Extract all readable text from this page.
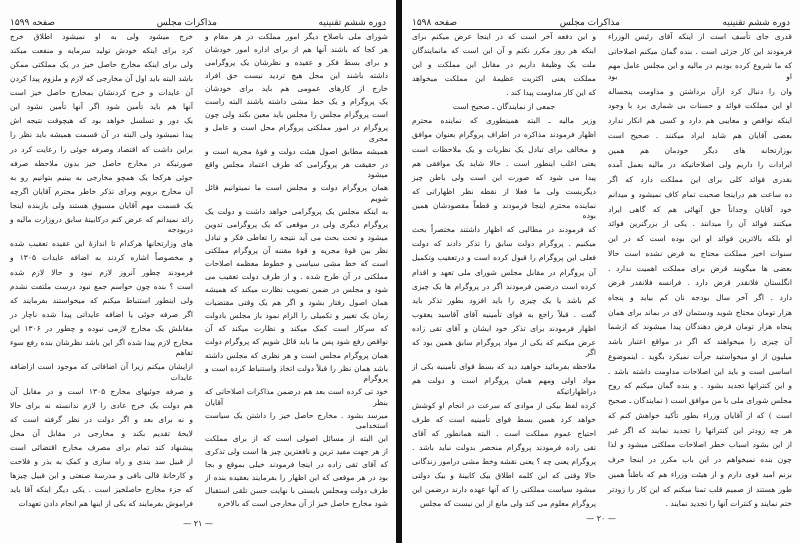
دوره ششم تقنینیه
مذاکرات مجلس
صفحه ۱۵۹۹
شورای ملی باصلاح دیگر امور مملکت در هر مقام و
هر کجا که باشند آنها هم از برای اداره امور خودشان
و برای بسط فکر و عقیده و نظرشان یک پروگرامی
داشته باشند این محل هیچ تردید نیست حق افراد
خارج از کارهای عمومی هم باید برای خودشان
یک پروگرام و یک خط مشی داشته باشند البته راست
است پروگرام مجلس را مجلس باید معین بکند ولی چون
پروگرام در امور مملکتی پروگرام محل است و عامل و مجری
همیشه مطابق اصول هیئت دولت و قوهٔ مجریه است و
در حقیقت هر پروگرامی که طرف اعتماد مجلس واقع میشود
همان پروگرام دولت و مجلس است ما نمیتوانیم قائل شویم
به اینکه مجلس یک پروگرامی خواهد داشت و دولت یک
پروگرام دیگری ولی در موقعی که یک پروگرامی تدوین
میشود و تحت بحث می آید نتیجه را تعاطی فکر و تبادل
نظر بین قوهٔ مجریه و قوهٔ مقننه آن پروگرام مملکتی
است که خط مشی سیاسی و خطوط معظمه اصلاحات
مملکتی در آن طرح شده . و از طرف دولت تعقیب می
شود و مجلس در ضمن تصویب نظارت میکند که همیشه
همان اصول رفتار بشود و اگر هم یک وقتی مقتضیات
زمان یک تغییر و تکمیلی را الزام نمود باز مجلس بادولت
که سرکار است کمک میکند و نظارت میکند که آن
نواقص رفع شود پس ما باید قائل شویم که پروگرام دولت
همان پروگرام مجلس است و هر نظری که مجلس داشته
باشد همان نظر را قبلاً دولت اتخاذ واستنباط کرده است و پروگرام
خود تی کرده است بعد هم درضمن مذاکرات اصلاحاتی که بنظر آقایان
میرسد بشود . مخارج حاصل خیز را داشتن یک سیاست استخدامی
این البته از مسائل اصولی است که از برای مملکت
از هر جهت مفید ترین و نافعترین چیز ها است ولی تذکری
که آقای تقی زاده در اینجا فرمودند خیلی بموقع و بجا
بود در هر موقعی که این اظهار را بفرمایند بعقیده بنده از
طرف دولت ومجلس بایستی با نهایت حسن تلقی استقبال
شود مخارج حاصل خیز از آن مخارجی است که بالاخره
خرج میشود ولی به او نمیشود اطلاق خرج
کرد برای اینکه خودش تولید سرمایه و منفعت میکند
ولی برای اینکه مخارج حاصل خیز در یک مملکتی ممکن
باشد البته باید اول آن مخارجی که لازم و ملزوم پیدا کردن
آن عایدات و خرج کردنشان بمخارج حاصل خیز است
آنها هم باید تأمین شود اگر آنها تأمین نشود این
یک دور و تسلسل خواهد بود که هیچوقت نتیجه اش
پیدا نمیشود ولی البته در آن قسمت همیشه باید نظر را
براین داشت که اقتصاد وصرفه جوئی را رعایت کرد در
صورتیکه در مخارج حاصل خیز بدون ملاحظه صرفه
جوئی هرکجا یک همچو مخارجی به بینیم بتوانیم رو به
آن مخارج برویم وبرای تذکر خاطر محترم آقایان اگرچه
یک قسمت مهم آقایان مسبوق هستند ولی بازبنده اینجا
زائد نمیدانم که عرض کنم درکابینهٔ سابق دروزارت مالیه و دربودجه
های وزارتخانها هرکدام تا اندازهٔ این عقیده تعقیب شده
و مخصوصاً اشاره کردند به اضافه عایدات ۱۳۰۵ و
فرمودند چطور آنروز لازم نبود و حالا لازم شده
است ؟ بنده چون حواسم جمع نبود درست ملتفت نشدم
ولی اینطور استنباط میکنم که میخواستند بفرمایند که
اگر صرفه جوئی یا اضافه عایداتی پیدا شده ناچار در
مقابلش یک مخارج لازمی نبوده و چطور در ۱۳۰۶ این
مخارج لازم پیدا شده اگر این باشد نظرشان بنده رفع سوء تفاهم
ازایشان میکنم زیرا آن اضافاتی که موجود است ازاضافه عایدات
و صرفه جوئیهای مخارج ۱۳۰۵ است و در مقابل آن
هم دولت یک خرج عادی را لازم ندانسته نه برای حالا
و نه برای بعد و اگر دولت در نظر گرفته است که
لایحهٔ تقدیم بکند و مخارجی در مقابل آن محل
پیشنهاد کند تمام برای مصرف مخارج اقتضائی است
از قبیل سد بندی و راه سازی و کمک به بذر و فلاحت
و کارخانهٔ قالی بافی و مدرسهٔ صنعتی و این قبیل چیزها
که جزء مخارج حاصلخیز است . یکی دیگر اینکه آقا باید
فراموش بفرمایند که یکی از اینها هم انجام دادن تعهدات
— ۲۱ —
دوره ششم تقنینیه
مذاکرات مجلس
صفحه ۱۵۹۸
قدری جای تأسف است از اینکه آقای رئیس الوزراء
فرمودند این کار جزئی است . بنده گمان میکنم اصلاحاتی
که ما شروع کرده بودیم در مالیه و این مجلس عامل مهم او بود
وان را دنبال کرد ازآن برداشتن و مداومت پنجساله
او این مملکت فوائد و حسنات بی شماری برد با وجود
اینکه نواقص و معایبی هم دارد و کسی هم انکار ندارد
بعضی آقایان هم شاید ایراد میکنند . صحیح است
بوزارتخانه های دیگر خودمان هم همین
ایرادات را داریم ولی اصلاحاتیکه در مالیه بعمل آمده
بقدری فوائد کلی برای این مملکت دارد که اگر
ده ساعت هم دراینجا صحبت تمام کاف نمیشود و میدانم
خود آقایان وجداناً حق آنهائی هم که گاهی ایراد
میکنند فوائد آن را میدانند . یکی از بزرگترین فوائد
او بلکه بالاترین فوائد او این بوده است که در این
سنوات اخیر مملکت محتاج به قرض نشده است حالا
بعضی ها میگویند قرض برای مملکت اهمیت ندارد .
انگلستان فلانقدر قرض دارد . فرانسه فلانقدر قرض
دارد . اگر آخر سال بودجه نان کم بیاید و پنجاه
هزار تومان محتاج شوید ودستمان لای در بماند برای همان
پنجاه هزار تومان قرض دهندگان پیدا میشوند که ازشما
آن چیزی را میخواهند که اگر در مواقع اعتبار باشد
میلیون از او میخواستید جرأت نمیکرد بگوید . اینموضوع
اساسی است و باید این اصلاحات مداومت داشته باشد .
و این کنتراتها تجدید بشود . و بنده گمان میکنم که روح
مجلس شورای ملی با من موافق است ( نمایندگان ـ صحیح
است ) که از آقایان وزراء بطور تأکید خواهش کنم که
هر چه زودتر این کنتراتها را تجدید نمایند که اگر غیر
از این بشود اسباب خطر اصلاحات مملکتی میشود و لذا
چون بنده نمیخواهم در این باب مکرر در اینجا حرف
بزنم امید قوی دارم و از هیئت وزراء هم که باطناً همین
طور هستند از صمیم قلب تمنا میکنم که این کار را زودتر
ختم نمایند و کنترات آنها را تجدید نمایند .
و این دفعه آخر است که در اینجا عرض میکنم برای
اینکه هر روز مکرر نکنم و آن این است که مانمایندگان
ملت یک وظیفهٔ داریم در مقابل این مملکت و این
مملکت یعنی اکثریت عظیمهٔ این مملکت میخواهد
که این کار مداومت پیدا کند .
جمعی از نمایندگان ـ صحیح است
وزیر مالیه ـ البته همینطوری که نماینده محترم
اظهار فرمودند مذاکره در اطراف پروگرام بعنوان موافق
و مخالف برای تبادل یک نظریات و یک ملاحظات است
یعنی اغلب اینطور است . حالا شاید یک موافقی هم
پیدا می شود که صورت این است ولی باطن چیز
دیگریست ولی ما فعلا از نقطه نظر اظهاراتی که
نماینده محترم اینجا فرمودند و قطعاً مقصودشان همین بوده
که فرمودند در مطالبی که اظهار داشتند مختصراً بحث
میکنیم . پروگرام دولت سابق را تذکر دادند که دولت
فعلی این پروگرام را قبول کرده است و درتعقیب وتکمیل
آن پروگرام در مقابل مجلس شورای ملی تعهد و اقدام
کرده است درضمن فرمودند اگر در پروگرام ها یک چیزی
کم باشد یا یک چیزی را باید افزود بطور تذکر باید
گفت . قبلاً راجع به قوای تأمینیه آقای آقاسید یعقوب
اظهار فرمودند برای تذکر خود ایشان و آقای تقی زاده
عرض میکنم که یکی از مواد پروگرام سابق همین بود که اگر
ملاحظه بفرمائید خواهید دید که بسط قوای تأمینیه یکی از
مواد اولی ومهم همان پروگرام است و دولت هم دراظهاراتیکه
کرده لفظ بیکی از موادی که سرعت در انجام او کوشش
خواهد کرد همین بسط قوای تأمینیه است که طرف
احتیاج عموم مملکت است . البته همانطور که آقای
تقی زاده فرمودند پروگرام منحصر بدولت نباید باشد .
پروگرام یعنی چه ؟ یعنی نقشه وخط مشی درامور زندگانی
حالا وقتی که این کلمه اطلاق بیک کابینهٔ و بیک دولتی
میشود سیاست مملکتی را که آنها عهده دارند درضمن این
پروگرام معلوم می کند ولی مانع از این نیست که مجلس
— ۲۰ —
